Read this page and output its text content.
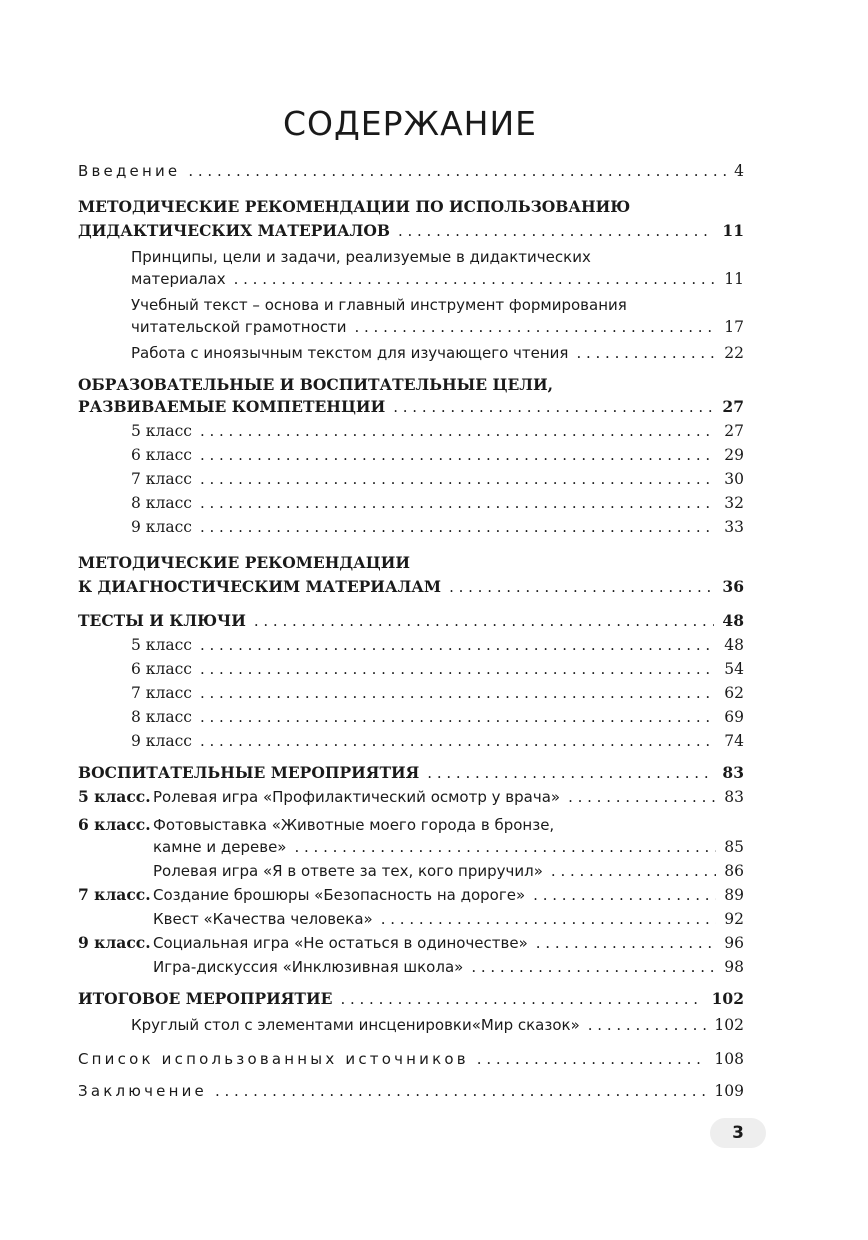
СОДЕРЖАНИЕ
Введение . . .	4
МЕТОДИЧЕСКИЕ РЕКОМЕНДАЦИИ ПО ИСПОЛЬЗОВАНИЮ
ДИДАКТИЧЕСКИХ МАТЕРИАЛОВ . . .	11
Принципы, цели и задачи, реализуемые в дидактических
материалах . . .	11
Учебный текст – основа и главный инструмент формирования
читательской грамотности . . .	17
Работа с иноязычным текстом для изучающего чтения . . .	22
ОБРАЗОВАТЕЛЬНЫЕ И ВОСПИТАТЕЛЬНЫЕ ЦЕЛИ,
РАЗВИВАЕМЫЕ КОМПЕТЕНЦИИ . . .	27
5 класс . . .	27
6 класс . . .	29
7 класс . . .	30
8 класс . . .	32
9 класс . . .	33
МЕТОДИЧЕСКИЕ РЕКОМЕНДАЦИИ
К ДИАГНОСТИЧЕСКИМ МАТЕРИАЛАМ . . .	36
ТЕСТЫ И КЛЮЧИ . . .	48
5 класс . . .	48
6 класс . . .	54
7 класс . . .	62
8 класс . . .	69
9 класс . . .	74
ВОСПИТАТЕЛЬНЫЕ МЕРОПРИЯТИЯ . . .	83
5 класс. Ролевая игра «Профилактический осмотр у врача» . . .	83
6 класс. Фотовыставка «Животные моего города в бронзе,
камне и дереве» . . .	85
Ролевая игра «Я в ответе за тех, кого приручил» . . .	86
7 класс. Создание брошюры «Безопасность на дороге» . . .	89
Квест «Качества человека» . . .	92
9 класс. Социальная игра «Не остаться в одиночестве» . . .	96
Игра-дискуссия «Инклюзивная школа» . . .	98
ИТОГОВОЕ МЕРОПРИЯТИЕ . . .	102
Круглый стол с элементами инсценировки«Мир сказок» . . .	102
Список использованных источников . . .	108
Заключение . . .	109
3
